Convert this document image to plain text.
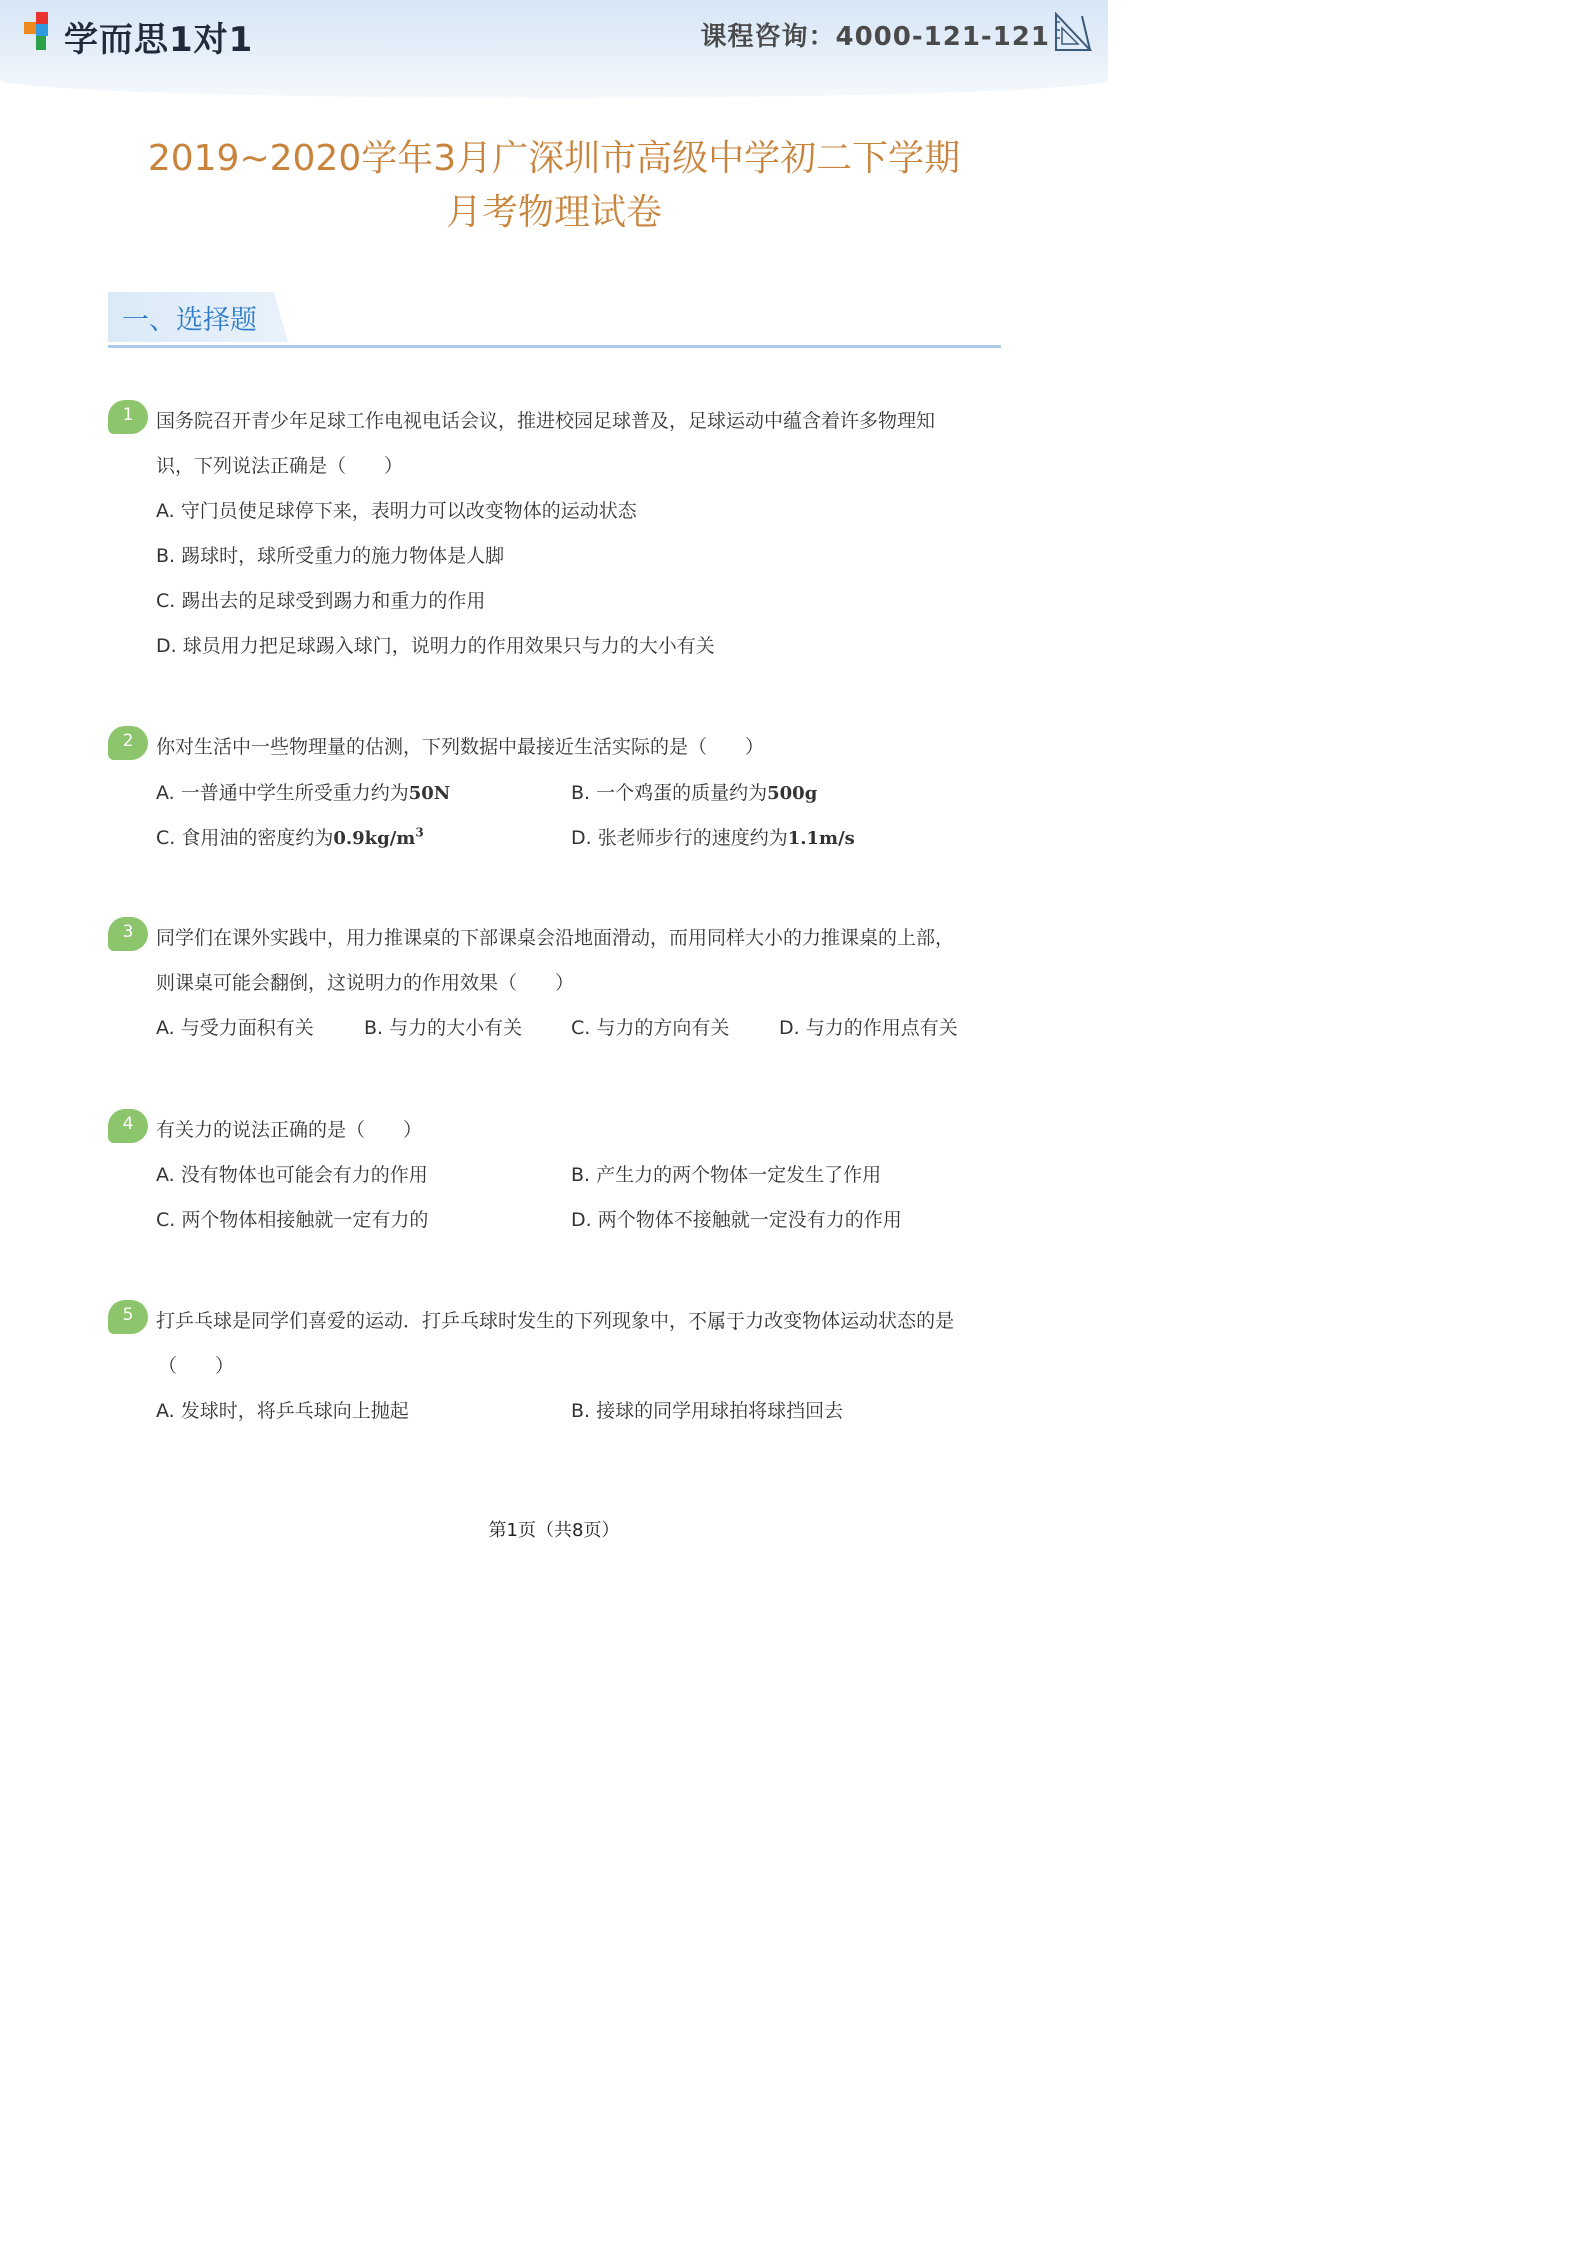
学而思1对1	课程咨询：4000-121-121
2019~2020学年3月广深圳市高级中学初二下学期
月考物理试卷
一、选择题
1	国务院召开青少年足球工作电视电话会议，推进校园足球普及，足球运动中蕴含着许多物理知
识，下列说法正确是（　　）
A. 守门员使足球停下来，表明力可以改变物体的运动状态
B. 踢球时，球所受重力的施力物体是人脚
C. 踢出去的足球受到踢力和重力的作用
D. 球员用力把足球踢入球门，说明力的作用效果只与力的大小有关
2	你对生活中一些物理量的估测，下列数据中最接近生活实际的是（　　）
A. 一普通中学生所受重力约为50N	B. 一个鸡蛋的质量约为500g
C. 食用油的密度约为$0.9kg/m^3$	D. 张老师步行的速度约为1.1m/s
3	同学们在课外实践中，用力推课桌的下部课桌会沿地面滑动，而用同样大小的力推课桌的上部，
则课桌可能会翻倒，这说明力的作用效果（　　）
A. 与受力面积有关	B. 与力的大小有关	C. 与力的方向有关	D. 与力的作用点有关
4	有关力的说法正确的是（　　）
A. 没有物体也可能会有力的作用	B. 产生力的两个物体一定发生了作用
C. 两个物体相接触就一定有力的	D. 两个物体不接触就一定没有力的作用
5	打乒乓球是同学们喜爱的运动．打乒乓球时发生的下列现象中，不属于力改变物体运动状态的是
（　　）
A. 发球时，将乒乓球向上抛起	B. 接球的同学用球拍将球挡回去
第1页（共8页）
